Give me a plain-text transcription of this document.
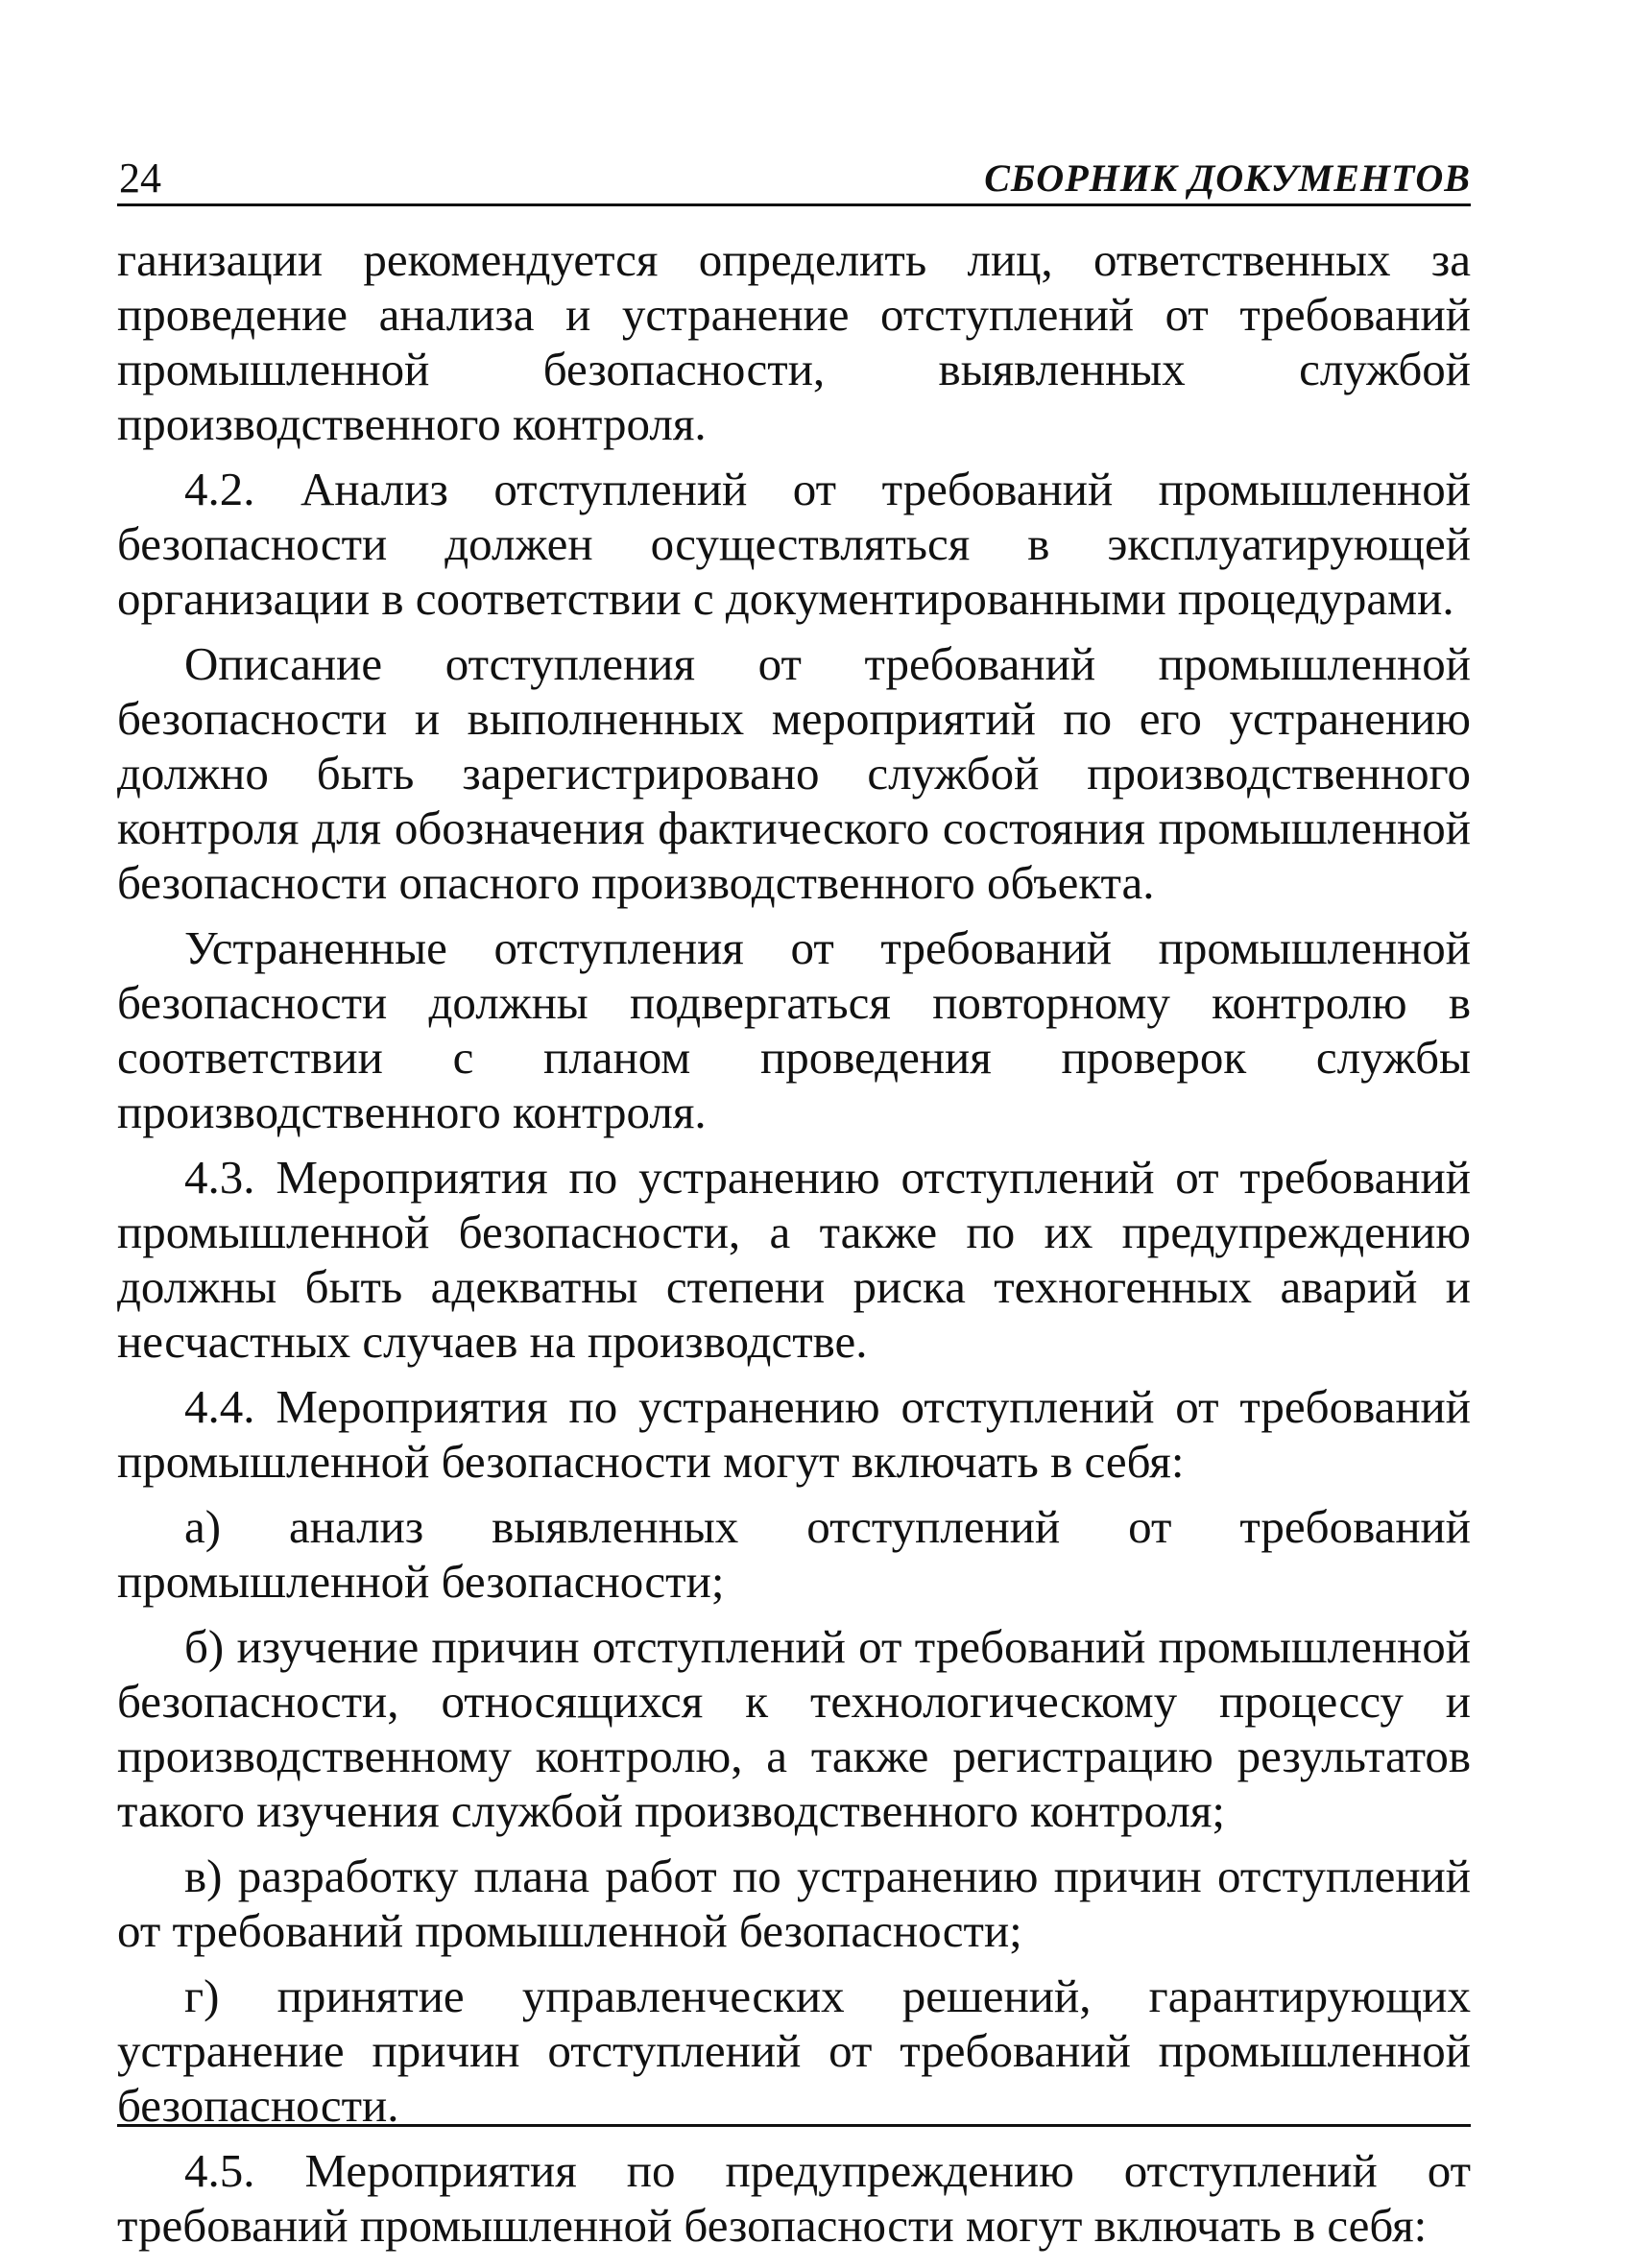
24	СБОРНИК ДОКУМЕНТОВ

ганизации рекомендуется определить лиц, ответственных за проведение анализа и устранение отступлений от требований промышленной безопасности, выявленных службой производственного контроля.

4.2. Анализ отступлений от требований промышленной безопасности должен осуществляться в эксплуатирующей организации в соответствии с документированными процедурами.

Описание отступления от требований промышленной безопасности и выполненных мероприятий по его устранению должно быть зарегистрировано службой производственного контроля для обозначения фактического состояния промышленной безопасности опасного производственного объекта.

Устраненные отступления от требований промышленной безопасности должны подвергаться повторному контролю в соответствии с планом проведения проверок службы производственного контроля.

4.3. Мероприятия по устранению отступлений от требований промышленной безопасности, а также по их предупреждению должны быть адекватны степени риска техногенных аварий и несчастных случаев на производстве.

4.4. Мероприятия по устранению отступлений от требований промышленной безопасности могут включать в себя:

а) анализ выявленных отступлений от требований промышленной безопасности;

б) изучение причин отступлений от требований промышленной безопасности, относящихся к технологическому процессу и производственному контролю, а также регистрацию результатов такого изучения службой производственного контроля;

в) разработку плана работ по устранению причин отступлений от требований промышленной безопасности;

г) принятие управленческих решений, гарантирующих устранение причин отступлений от требований промышленной безопасности.

4.5. Мероприятия по предупреждению отступлений от требований промышленной безопасности могут включать в себя:
